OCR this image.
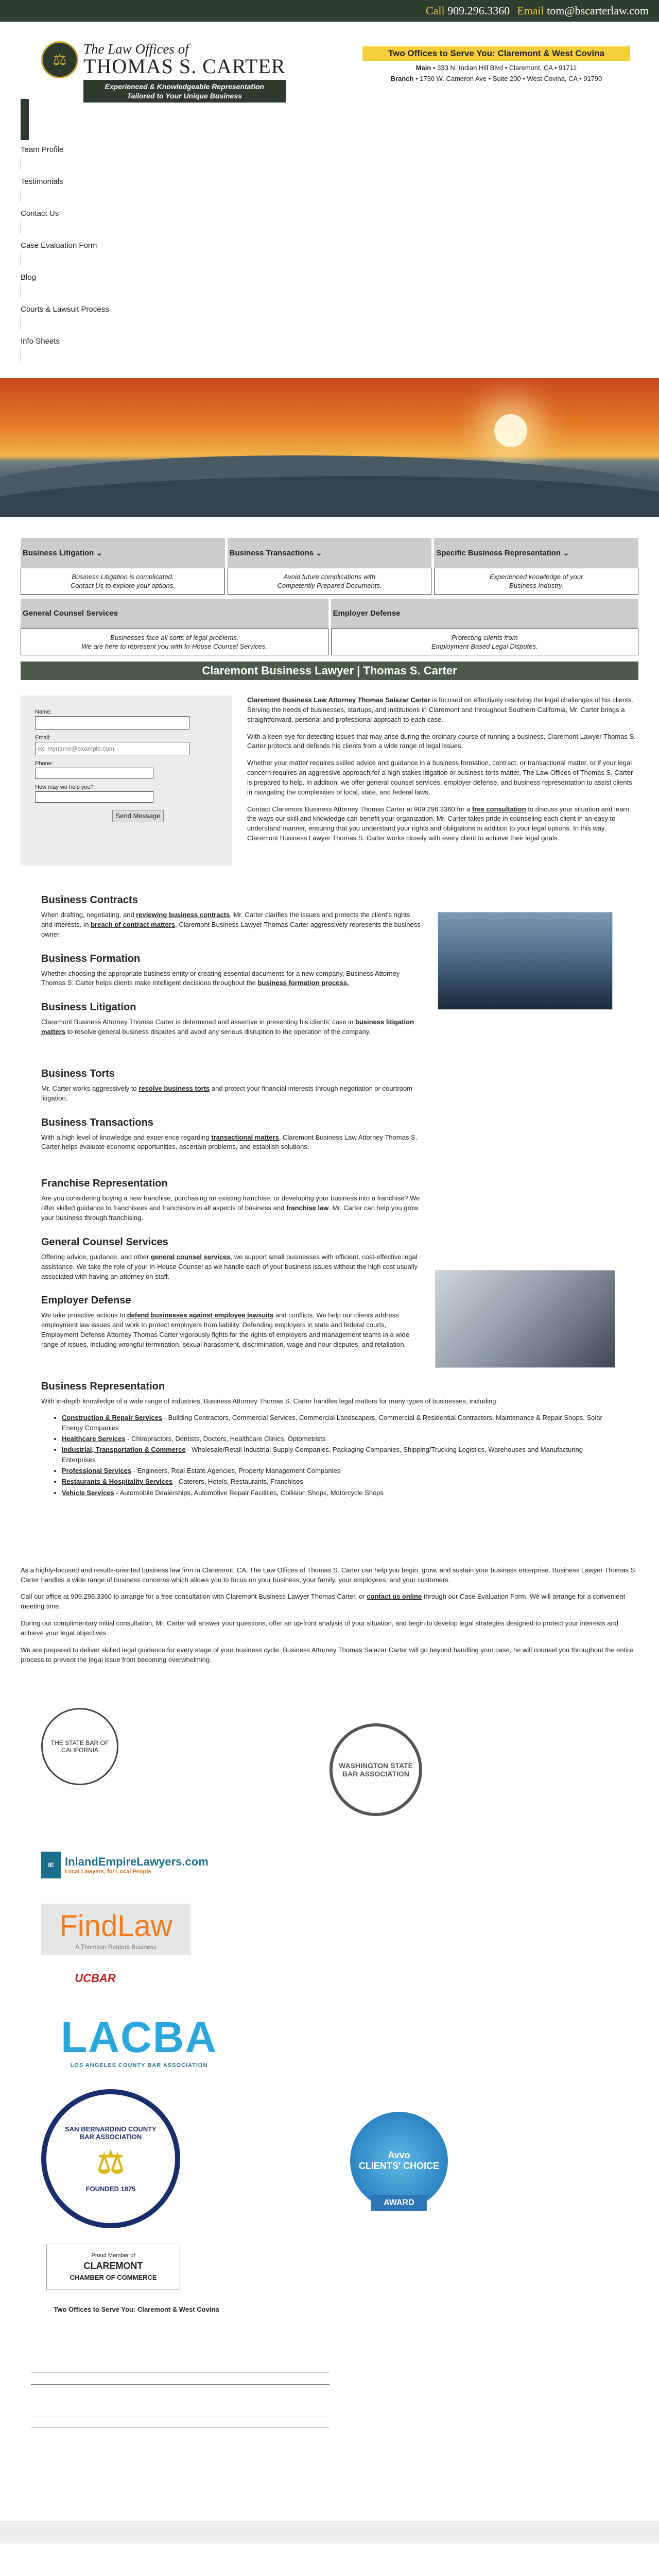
Call 909.296.3360 Email tom@bscarterlaw.com
⚖
The Law Offices of
THOMAS S. CARTER
Experienced & Knowledgeable Representation
Tailored to Your Unique Business
Two Offices to Serve You: Claremont & West Covina

Main • 333 N. Indian Hill Blvd • Claremont, CA • 91711

Branch • 1730 W. Cameron Ave • Suite 200 • West Covina, CA • 91790

Team Profile
Testimonials
Contact Us
Case Evaluation Form
Blog
Courts & Lawsuit Process
Info Sheets
Business Litigation ⌄
Business Litigation is complicated.
Contact Us to explore your options.
Business Transactions ⌄
Avoid future complications with
Competently Prepared Documents.
Specific Business Representation ⌄
Experienced knowledge of your
Business Industry.
General Counsel Services
Businesses face all sorts of legal problems.
We are here to represent you with In-House Counsel Services.
Employer Defense
Protecting clients from
Employment-Based Legal Disputes.
Claremont Business Lawyer | Thomas S. Carter
Name:
Email:
ex: myname@example.com
Phone:
How may we help you?
Send Message

Claremont Business Law Attorney Thomas Salazar Carter is focused on effectively resolving the legal challenges of his clients. Serving the needs of businesses, startups, and institutions in Claremont and throughout Southern California, Mr. Carter brings a straightforward, personal and professional approach to each case.

With a keen eye for detecting issues that may arise during the ordinary course of running a business, Claremont Lawyer Thomas S. Carter protects and defends his clients from a wide range of legal issues.

Whether your matter requires skilled advice and guidance in a business formation, contract, or transactional matter, or if your legal concern requires an aggressive approach for a high stakes litigation or business torts matter, The Law Offices of Thomas S. Carter is prepared to help. In addition, we offer general counsel services, employer defense, and business representation to assist clients in navigating the complexities of local, state, and federal laws.

Contact Claremont Business Attorney Thomas Carter at 909.296.3360 for a free consultation to discuss your situation and learn the ways our skill and knowledge can benefit your organization. Mr. Carter takes pride in counseling each client in an easy to understand manner, ensuring that you understand your rights and obligations in addition to your legal options. In this way, Claremont Business Lawyer Thomas S. Carter works closely with every client to achieve their legal goals.

Business Contracts

When drafting, negotiating, and reviewing business contracts, Mr. Carter clarifies the issues and protects the client's rights and interests. In breach of contract matters, Claremont Business Lawyer Thomas Carter aggressively represents the business owner.

Business Formation

Whether choosing the appropriate business entity or creating essential documents for a new company, Business Attorney Thomas S. Carter helps clients make intelligent decisions throughout the business formation process.

Business Litigation

Claremont Business Attorney Thomas Carter is determined and assertive in presenting his clients' case in business litigation matters to resolve general business disputes and avoid any serious disruption to the operation of the company.

Business Torts

Mr. Carter works aggressively to resolve business torts and protect your financial interests through negotiation or courtroom litigation.

Business Transactions

With a high level of knowledge and experience regarding transactional matters, Claremont Business Law Attorney Thomas S. Carter helps evaluate economic opportunities, ascertain problems, and establish solutions.

Franchise Representation

Are you considering buying a new franchise, purchasing an existing franchise, or developing your business into a franchise? We offer skilled guidance to franchisees and franchisors in all aspects of business and franchise law. Mr. Carter can help you grow your business through franchising.

General Counsel Services

Offering advice, guidance, and other general counsel services, we support small businesses with efficient, cost-effective legal assistance. We take the role of your In-House Counsel as we handle each of your business issues without the high cost usually associated with having an attorney on staff.

Employer Defense

We take proactive actions to defend businesses against employee lawsuits and conflicts. We help our clients address employment law issues and work to protect employers from liability. Defending employers in state and federal courts, Employment Defense Attorney Thomas Carter vigorously fights for the rights of employers and management teams in a wide range of issues, including wrongful termination, sexual harassment, discrimination, wage and hour disputes, and retaliation.

Business Representation

With in-depth knowledge of a wide range of industries, Business Attorney Thomas S. Carter handles legal matters for many types of businesses, including:

• Construction & Repair Services - Building Contractors, Commercial Services, Commercial Landscapers, Commercial & Residential Contractors, Maintenance & Repair Shops, Solar Energy Companies
• Healthcare Services - Chiropractors, Dentists, Doctors, Healthcare Clinics, Optometrists
• Industrial, Transportation & Commerce - Wholesale/Retail Industrial Supply Companies, Packaging Companies, Shipping/Trucking Logistics, Warehouses and Manufacturing Enterprises
• Professional Services - Engineers, Real Estate Agencies, Property Management Companies
• Restaurants & Hospitality Services - Caterers, Hotels, Restaurants, Franchises
• Vehicle Services - Automobile Dealerships, Automotive Repair Facilities, Collision Shops, Motorcycle Shops

As a highly-focused and results-oriented business law firm in Claremont, CA, The Law Offices of Thomas S. Carter can help you begin, grow, and sustain your business enterprise. Business Lawyer Thomas S. Carter handles a wide range of business concerns which allows you to focus on your business, your family, your employees, and your customers.

Call our office at 909.296.3360 to arrange for a free consultation with Claremont Business Lawyer Thomas Carter, or contact us online through our Case Evaluation Form. We will arrange for a convenient meeting time.

During our complimentary initial consultation, Mr. Carter will answer your questions, offer an up-front analysis of your situation, and begin to develop legal strategies designed to protect your interests and achieve your legal objectives.

We are prepared to deliver skilled legal guidance for every stage of your business cycle. Business Attorney Thomas Salazar Carter will go beyond handling your case, he will counsel you throughout the entire process to prevent the legal issue from becoming overwhelming.

THE STATE BAR OF CALIFORNIA
WASHINGTON STATE BAR ASSOCIATION
IE InlandEmpireLawyers.com
Local Lawyers, for Local People
FindLaw
A Thomson Reuters Business
UCBAR
LACBA
LOS ANGELES COUNTY BAR ASSOCIATION
SAN BERNARDINO COUNTY BAR ASSOCIATION
⚖
FOUNDED 1875
Avvo
CLIENTS' CHOICE
AWARD
Proud Member of
CLAREMONT
CHAMBER OF COMMERCE
Two Offices to Serve You: Claremont & West Covina
